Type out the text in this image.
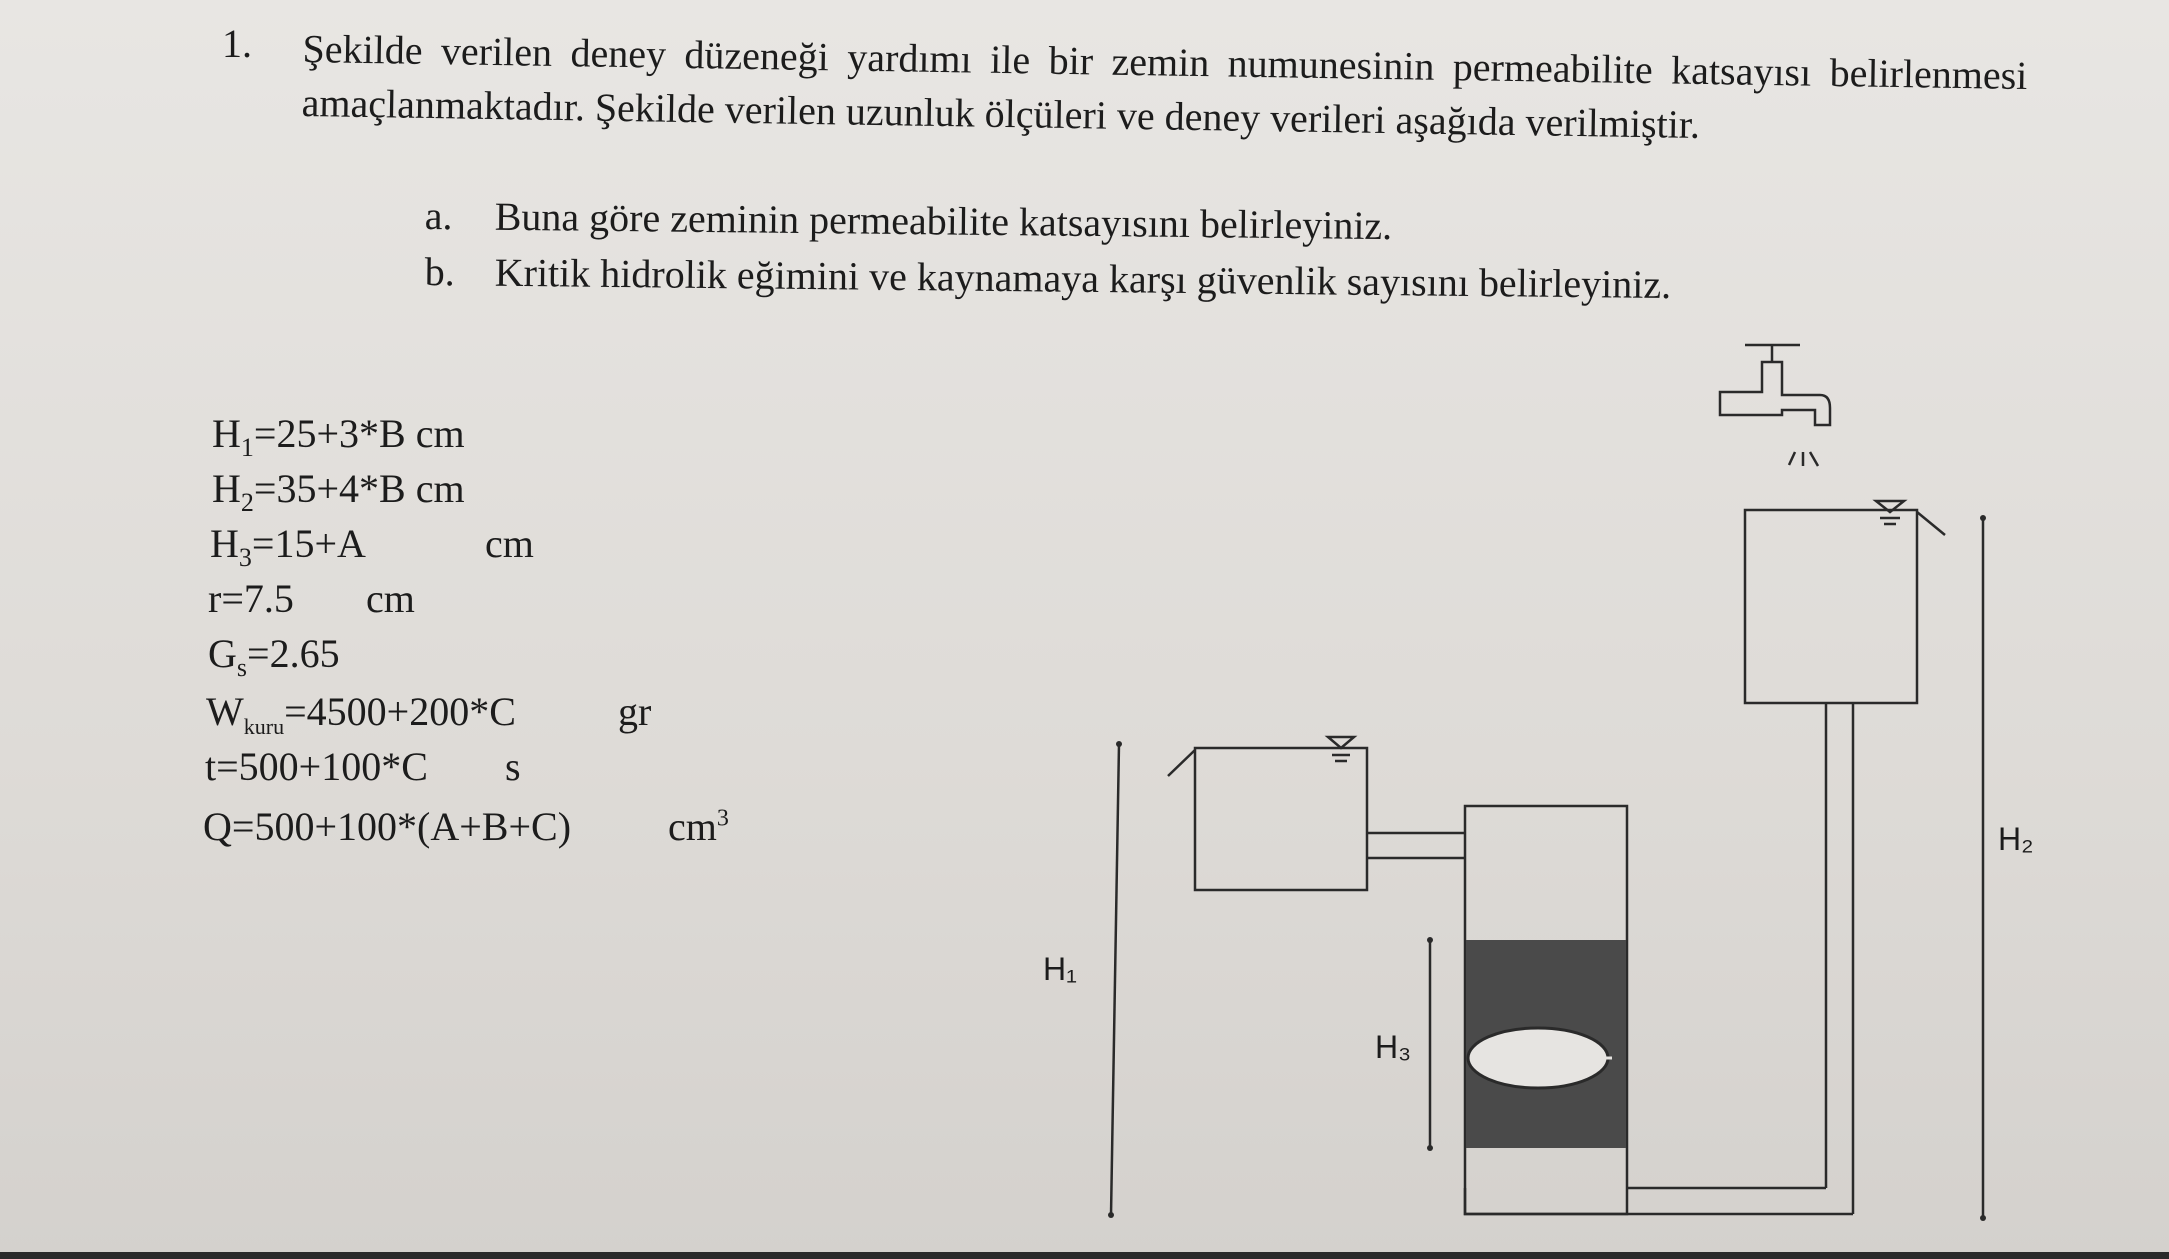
1. Şekilde verilen deney düzeneği yardımı ile bir zemin numunesinin permeabilite katsayısı belirlenmesi amaçlanmaktadır. Şekilde verilen uzunluk ölçüleri ve deney verileri aşağıda verilmiştir.
a. Buna göre zeminin permeabilite katsayısını belirleyiniz.
b. Kritik hidrolik eğimini ve kaynamaya karşı güvenlik sayısını belirleyiniz.
$H_1=25+3*B$ cm
$H_2=35+4*B$ cm
$H_3=15+A$	cm
r=7.5 cm
$G_s=2.65$
$W_{kuru}=4500+200*C$	gr
t=500+100*C s
Q=500+100*(A+B+C) $cm^3$
H₁
H₂
H₃	r
